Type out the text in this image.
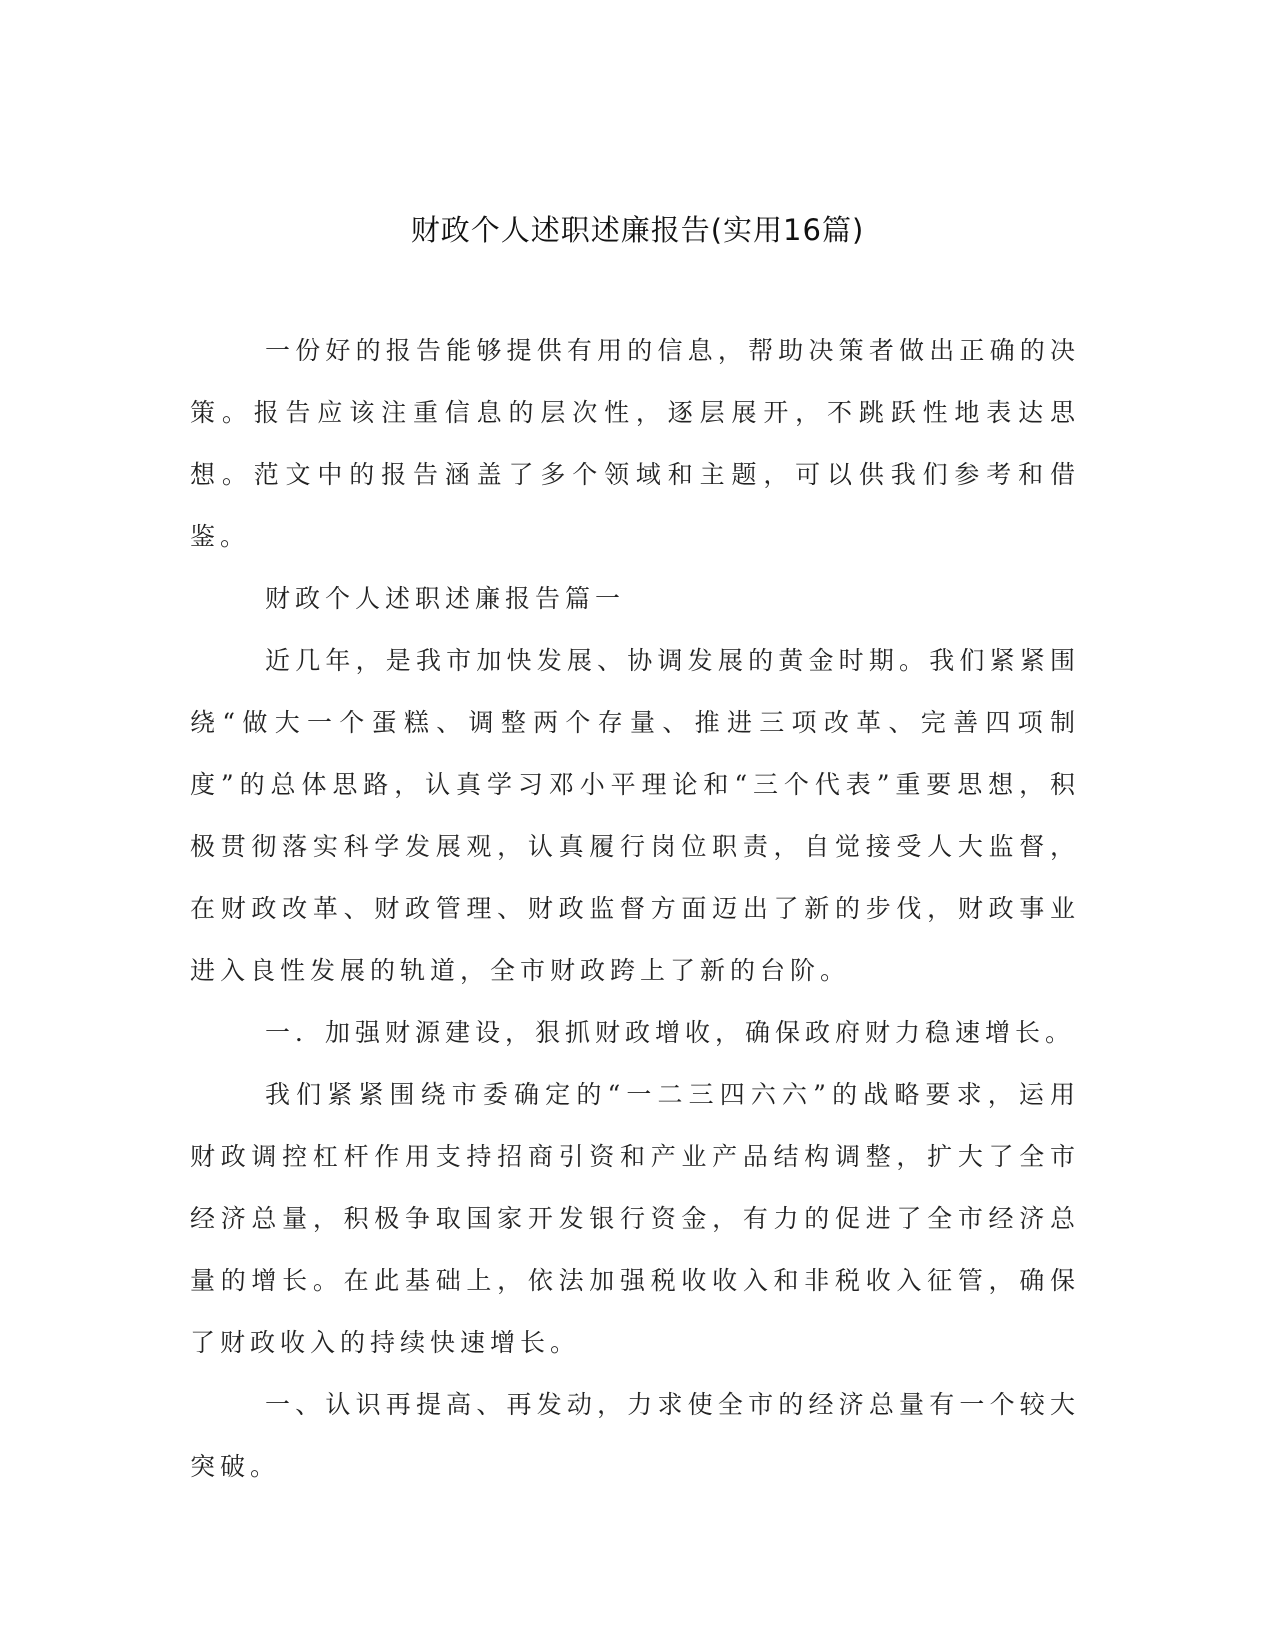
财政个人述职述廉报告(实用16篇)

一份好的报告能够提供有用的信息，帮助决策者做出正确的决策。报告应该注重信息的层次性，逐层展开，不跳跃性地表达思想。范文中的报告涵盖了多个领域和主题，可以供我们参考和借鉴。

财政个人述职述廉报告篇一

近几年，是我市加快发展、协调发展的黄金时期。我们紧紧围绕“做大一个蛋糕、调整两个存量、推进三项改革、完善四项制度”的总体思路，认真学习邓小平理论和“三个代表”重要思想，积极贯彻落实科学发展观，认真履行岗位职责，自觉接受人大监督，在财政改革、财政管理、财政监督方面迈出了新的步伐，财政事业进入良性发展的轨道，全市财政跨上了新的台阶。

一．加强财源建设，狠抓财政增收，确保政府财力稳速增长。

我们紧紧围绕市委确定的“一二三四六六”的战略要求，运用财政调控杠杆作用支持招商引资和产业产品结构调整，扩大了全市经济总量，积极争取国家开发银行资金，有力的促进了全市经济总量的增长。在此基础上，依法加强税收收入和非税收入征管，确保了财政收入的持续快速增长。

一、认识再提高、再发动，力求使全市的经济总量有一个较大突破。
